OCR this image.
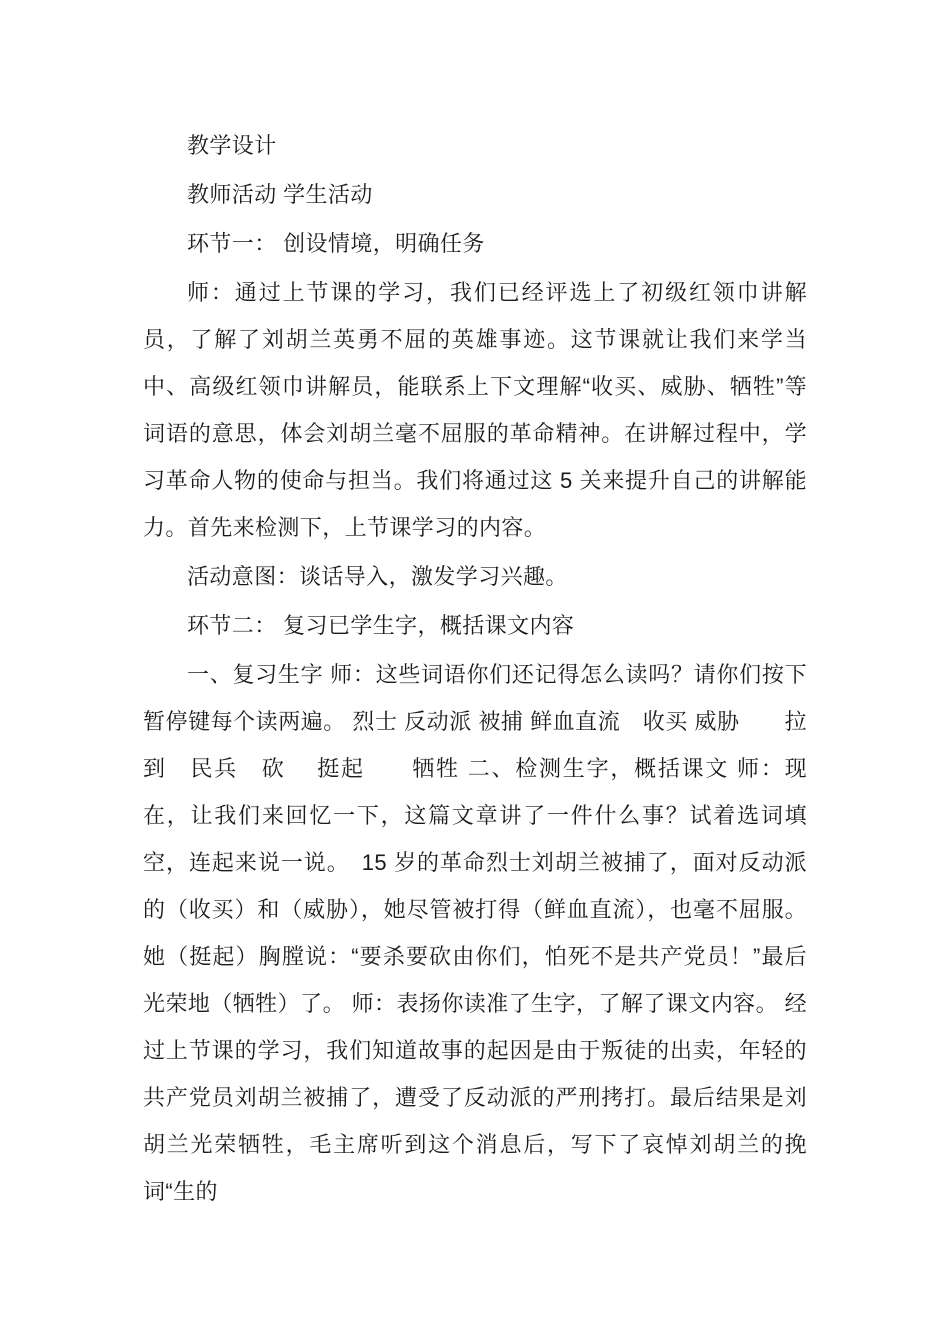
教学设计

教师活动 学生活动

环节一： 创设情境，明确任务

师：通过上节课的学习，我们已经评选上了初级红领巾讲解员，了解了刘胡兰英勇不屈的英雄事迹。这节课就让我们来学当中、高级红领巾讲解员，能联系上下文理解“收买、威胁、牺牲”等词语的意思，体会刘胡兰毫不屈服的革命精神。在讲解过程中，学习革命人物的使命与担当。我们将通过这 5 关来提升自己的讲解能力。首先来检测下，上节课学习的内容。

活动意图：谈话导入，激发学习兴趣。

环节二： 复习已学生字，概括课文内容

一、复习生字 师：这些词语你们还记得怎么读吗？请你们按下暂停键每个读两遍。 烈士 反动派 被捕 鲜血直流　收买 威胁　　拉到　民兵　砍　 挺起　　牺牲 二、检测生字，概括课文 师：现在，让我们来回忆一下，这篇文章讲了一件什么事？试着选词填空，连起来说一说。　15 岁的革命烈士刘胡兰被捕了，面对反动派的（收买）和（威胁），她尽管被打得（鲜血直流），也毫不屈服。她（挺起）胸膛说：“要杀要砍由你们，怕死不是共产党员！”最后光荣地（牺牲）了。 师：表扬你读准了生字，了解了课文内容。 经过上节课的学习，我们知道故事的起因是由于叛徒的出卖，年轻的共产党员刘胡兰被捕了，遭受了反动派的严刑拷打。最后结果是刘胡兰光荣牺牲，毛主席听到这个消息后，写下了哀悼刘胡兰的挽词“生的
